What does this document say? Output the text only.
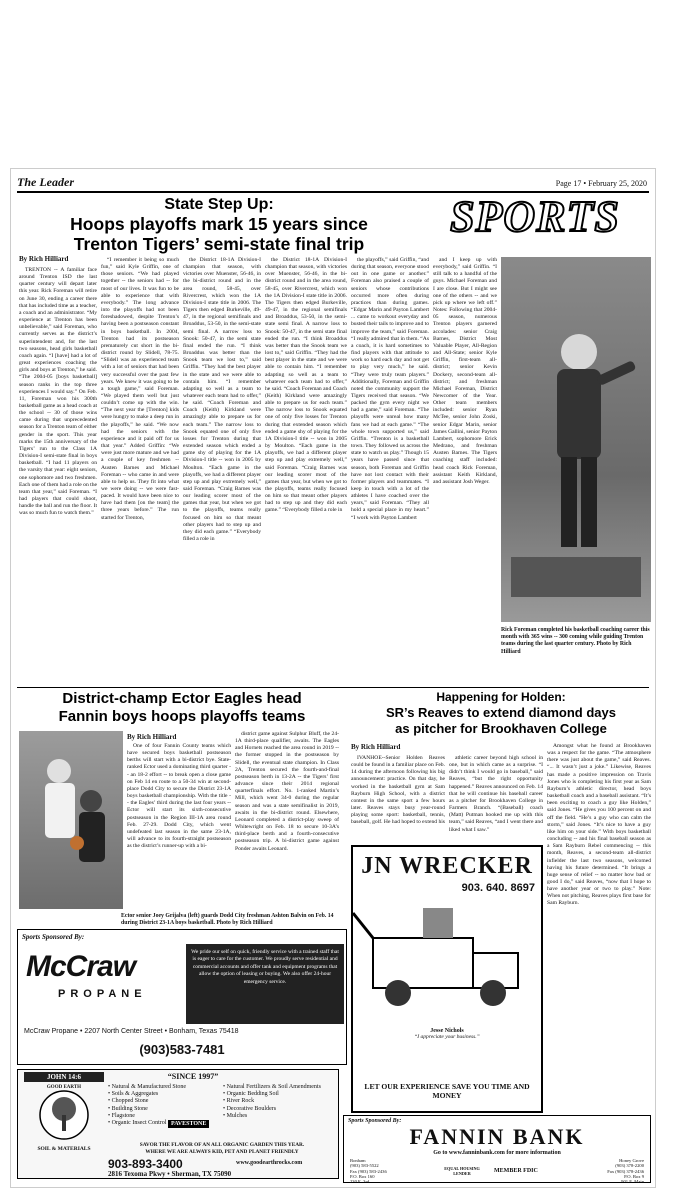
The Leader	Page 17 • February 25, 2020
State Step Up:
Hoops playoffs mark 15 years since
Trenton Tigers’ semi-state final trip
SPORTS
By Rich Hilliard

TRENTON -- A familiar face around Trenton ISD the last quarter century will depart later this year. Rick Foreman will retire on June 30, ending a career there that has included time as a teacher, a coach and an administrator. “My experience at Trenton has been unbelievable,” said Foreman, who currently serves as the district’s superintendent and, for the last two seasons, head girls basketball coach again. “I [have] had a lot of great experiences coaching the girls and boys at Trenton,” he said. “The 2004-05 [boys basketball] season ranks in the top three experiences I would say.” On Feb. 11, Foreman won his 300th basketball game as a head coach at the school -- 30 of those wins came during that unprecedented season for a Trenton team of either gender in the sport. This year marks the 15th anniversary of the Tigers’ run to the Class 1A Division-I semi-state final in boys basketball. “I had 11 players on the varsity that year: eight seniors, one sophomore and two freshmen. Each one of them had a role on the team that year,” said Foreman. “I had players that could shoot, handle the ball and run the floor. It was so much fun to watch them.”

“I remember it being so much fun,” said Kyle Griffin, one of those seniors. “We had played together -- the seniors had -- for most of our lives. It was fun to be able to experience that with everybody.” The long advance into the playoffs had not been foreshadowed, despite Trenton’s having been a postseason constant in boys basketball. In 2004, Trenton had its postseason prematurely cut short in the bi-district round by Slidell, 78-75. “Slidell was an experienced team with a lot of seniors that had been very successful over the past few years. We knew it was going to be a tough game,” said Foreman. “We played them well but just couldn’t come up with the win. “The next year the [Trenton] kids were hungry to make a deep run in the playoffs,” he said. “We now had the seniors with the experience and it paid off for us that year.” Added Griffin: “We were just more mature and we had a couple of key freshmen -- Austen Barnes and Michael Foreman -- who came in and were able to help us. They fit into what we were doing -- we were fast-paced. It would have been nice to have had them [on the team] the three years before.” The run started for Trenton,

the District 18-1A Division-I champion that season, with victories over Muenster, 56-46, in the bi-district round and in the area round, 58-45, over Rivercrest, which won the 1A Division-I state title in 2006. The Tigers then edged Burkeville, 49-47, in the regional semifinals and Broaddus, 53-50, in the semi-state semi final. A narrow loss to Snook: 50-47, in the semi state final ended the run. “I think Broaddus was better than the Snook team we lost to,” said Griffin. “They had the best player in the state and we were able to contain him. “I remember adapting so well as a team to whatever each team had to offer,” he said. “Coach Foreman and Coach (Keith) Kirkland were amazingly able to prepare us for each team.” The narrow loss to Snook equated one of only five losses for Trenton during that extended season which ended a game shy of playing for the 1A Division-I title -- won in 2005 by Moulton. “Each game in the playoffs, we had a different player step up and play extremely well,” said Foreman. “Craig Barnes was our leading scorer most of the games that year, but when we got to the playoffs, teams really focused on him so that meant other players had to step up and they did each game.” “Everybody filled a role in

the playoffs,” said Griffin, “and during that season, everyone stood out in one game or another.” Foreman also praised a couple of seniors whose contributions occurred more often during practices than during games. “Edgar Marin and Payton Lambert ... came to workout everyday and busted their tails to improve and to improve the team,” said Foreman. “I really admired that in them. “As a coach, it is hard sometimes to find players with that attitude to work so hard each day and not get to play very much,” he said. “They were truly team players.” Additionally, Foreman and Griffin noted the community support the Tigers received that season. “We packed the gym every night we had a game,” said Foreman. “The playoffs were unreal how many fans we had at each game.” “The whole town supported us,” said Griffin. “Trenton is a basketball town. They followed us across the state to watch us play.” Though 15 years have passed since that season, both Foreman and Griffin have not lost contact with their former players and teammates. “I keep in touch with a lot of the athletes I have coached over the years,” said Foreman. “They all hold a special place in my heart.” “I work with Payton Lambert

and I keep up with everybody,” said Griffin. “I still talk to a handful of the guys. Michael Foreman and I are close. But I might see one of the others -- and we pick up where we left off.” Notes: Following that 2004-05 season, numerous Trenton players garnered accolades: senior Craig Barnes, District Most Valuable Player, All-Region and All-State; senior Kyle Griffin, first-team all-district; senior Kevin Dockery, second-team all-district; and freshman Michael Foreman, District Newcomer of the Year. Other team members included: senior Ryan McTee, senior John Zoski, senior Edgar Marin, senior James Gallini, senior Payton Lambert, sophomore Erick Medrano, and freshman Austen Barnes. The Tigers coaching staff included: head coach Rick Foreman, assistant Keith Kirkland, and assistant Josh Weger.

Rick Foreman completed his basketball coaching career this month with 365 wins -- 300 coming while guiding Trenton teams during the last quarter century. Photo by Rich Hilliard

the District 18-1A Division-I champion that season, with victories over Muenster, 56-46, in the bi-district round and in the area round, 58-45, over Rivercrest, which won the 1A Division-I state title in 2006. The Tigers then edged Burkeville, 49-47, in the regional semifinals and Broaddus, 53-50, in the semi-state semi final. A narrow loss to Snook: 50-47, in the semi state final ended the run. “I think Broaddus was better than the Snook team we lost to,” said Griffin. “They had the best player in the state and we were able to contain him. “I remember adapting so well as a team to whatever each team had to offer,” he said. “Coach Foreman and Coach (Keith) Kirkland were amazingly able to prepare us for each team.” The narrow loss to Snook equated one of only five losses for Trenton during that extended season which ended a game shy of playing for the 1A Division-I title -- won in 2005 by Moulton. “Each game in the playoffs, we had a different player step up and play extremely well,” said Foreman. “Craig Barnes was our leading scorer most of the games that year, but when we got to the playoffs, teams really focused on him so that meant other players had to step up and they did each game.” “Everybody filled a role in

District-champ Ector Eagles head
Fannin boys hoops playoffs teams
By Rich Hilliard

One of four Fannin County teams which have secured boys basketball postseason berths will start with a bi-district bye. State-ranked Ector used a dominating third quarter -- an 18-2 effort -- to break open a close game on Feb 14 en route to a 50-34 win at second-place Dodd City to secure the District 23-1A boys basketball championship. With the title -- the Eagles’ third during the last four years -- Ector will start its sixth-consecutive postseason in the Region III-1A area round Feb. 27-29. Dodd City, which went undefeated last season in the same 23-1A, will advance to its fourth-straight postseason as the district’s runner-up with a bi-

district game against Sulphur Bluff, the 24-1A third-place qualifier, awaits. The Eagles and Hornets reached the area round in 2019 -- the former stopped in the postseason by Slidell, the eventual state champion. In Class 2A, Trenton secured the fourth-and-final postseason berth in 13-2A -- the Tigers’ first advance since their 2014 regional quarterfinals effort. No. 1-ranked Martin’s Mill, which went 34-0 during the regular season and was a state semifinalist in 2019, awaits in the bi-district round. Elsewhere, Leonard completed a district-play sweep of Whitewright on Feb. 18 to secure 10-3A’s third-place berth and a fourth-consecutive postseason trip. A bi-district game against Ponder awaits Leonard.

Ector senior Joey Grijalva (left) guards Dodd City freshman Ashton Balvin on Feb. 14 during District 23-1A boys basketball. Photo by Rich Hilliard
Happening for Holden:
SR’s Reaves to extend diamond days
as pitcher for Brookhaven College
By Rich Hilliard

IVANHOE--Senior Holden Reaves could be found in a familiar place on Feb. 14 during the afternoon following his big announcement: practice. On that day, he worked in the basketball gym at Sam Rayburn High School, with a district contest in the same sport a few hours later. Reaves stays busy year-round playing some sport: basketball, tennis, baseball, golf. He had hoped to extend his

athletic career beyond high school in one, but in which came as a surprise. “I didn’t think I would go in baseball,” said Reaves, “but the right opportunity happened.” Reaves announced on Feb. 14 that he will continue his baseball career as a pitcher for Brookhaven College in Farmers Branch. “(Baseball) coach (Matt) Putman hooked me up with this team,” said Reaves, “and I went there and liked what I saw.”

Amongst what he found at Brookhaven was a respect for the game. “The atmosphere there was just about the game,” said Reaves. “... It wasn’t just a joke.” Likewise, Reaves has made a positive impression on Travis Jones who is completing his first year as Sam Rayburn’s athletic director, head boys basketball coach and a baseball assistant. “It’s been exciting to coach a guy like Holden,” said Jones. “He gives you 100 percent on and off the field. “He’s a guy who can calm the storm,” said Jones. “It’s nice to have a guy like him on your side.” With boys basketball concluding -- and his final baseball season as a Sam Rayburn Rebel commencing -- this month, Reaves, a second-team all-district infielder the last two seasons, welcomed having his future determined. “It brings a huge sense of relief -- no matter how bad or good I do,” said Reaves, “now that I hope to have another year or two to play.” Note: When not pitching, Reaves plays first base for Sam Rayburn.

JN WRECKER
903. 640. 8697
Jesse Nichols
“I appreciate your business.”
LET OUR EXPERIENCE SAVE YOU TIME AND MONEY
Sports Sponsored By:
McCraw
PROPANE
We pride our self on quick, friendly service with a trained staff that is eager to care for the customer. We proudly serve residential and commercial accounts and offer tank and equipment programs that allow the option of leasing or buying. We also offer 24-hour emergency service.
McCraw Propane • 2207 North Center Street • Bonham, Texas 75418
(903)583-7481
JOHN 14:6	“SINCE 1997”
GOOD EARTH
SOIL & MATERIALS
• Natural & Manufactured Stone
• Soils & Aggregates
• Chopped Stone
• Building Stone
• Flagstone
• Organic Insect Control
• Natural Fertilizers & Soil Amendments
• Organic Bedding Soil
• River Rock
• Decorative Boulders
• Mulches
PAVESTONE
SAVOR THE FLAVOR OF AN ALL ORGANIC GARDEN THIS YEAR.
WHERE WE ARE ALWAYS KID, PET AND PLANET FRIENDLY
903-893-3400	www.goodearthrocks.com
2816 Texoma Pkwy • Sherman, TX 75090
Sports Sponsored By:
FANNIN BANK
Go to www.fanninbank.com for more information
Bonham
(903) 583-5522
Fax (903) 583-2436
P.O. Box 160
230 E. 3rd
EQUAL HOUSING LENDER	MEMBER FDIC
Honey Grove
(903) 378-2200
Fax (903) 378-2436
P.O. Box 9
901 E. Main
